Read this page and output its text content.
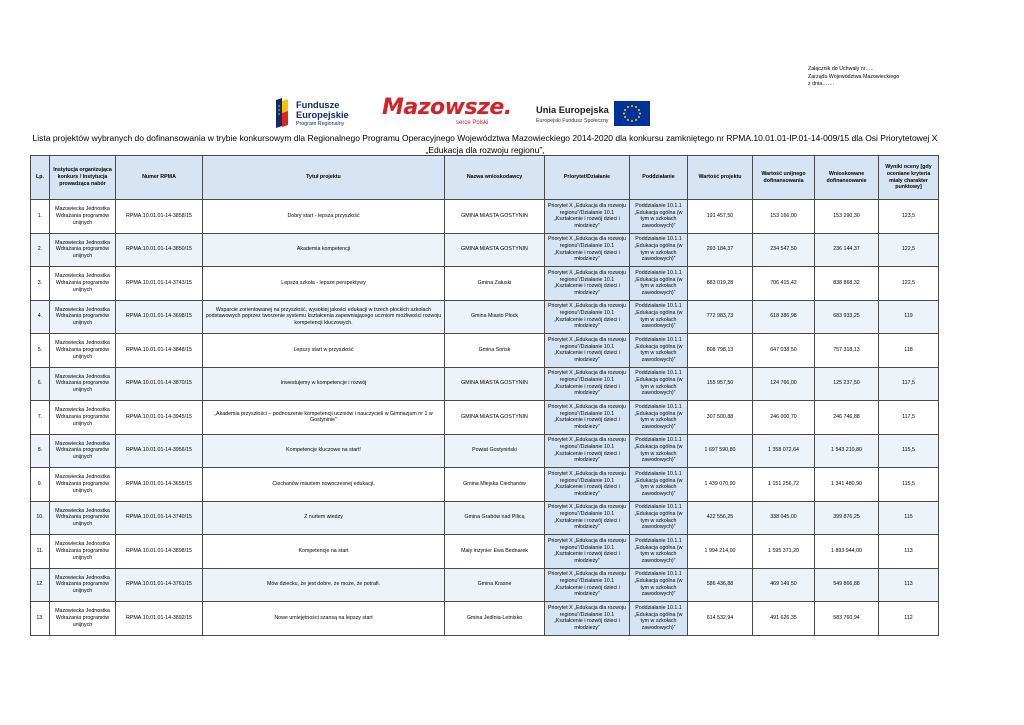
Załącznik do Uchwały nr…..
Zarządu Województwa Mazowieckiego
z dnia…….
Fundusze
Europejskie
Program Regionalny
Mazowsze.
serce Polski
Unia Europejska
Europejski Fundusz Społeczny
Lista projektów wybranych do dofinansowania w trybie konkursowym dla Regionalnego Programu Operacyjnego Województwa Mazowieckiego 2014-2020 dla konkursu zamkniętego nr RPMA.10.01.01-IP.01-14-009/15 dla Osi Priorytetowej X „Edukacja dla rozwoju regionu”,
Lp.	Instytucja organizująca konkurs / Instytucja prowadząca nabór	Numer RPMA	Tytuł projektu	Nazwa wnioskodawcy	Priorytet/Działanie	Poddziałanie	Wartość projektu	Wartość unijnego dofinansowania	Wnioskowane dofinansowanie	Wyniki oceny [gdy oceniane kryteria miały charakter punktowy]
1.	Mazowiecka Jednostka Wdrażania programów unijnych	RPMA.10.01.01-14-3858/15	Dobry start - lepsza przyszłość	GMINA MIASTA GOSTYNIN	Priorytet X „Edukacja dla rozwoju regionu”/Działanie 10.1 „Kształcenie i rozwój dzieci i młodzieży”	Poddziałanie 10.1.1 „Edukacja ogólna (w tym w szkołach zawodowych)”	191 457,50	153 166,00	153 290,30	123,5
2.	Mazowiecka Jednostka Wdrażania programów unijnych	RPMA.10.01.01-14-3850/15	Akademia kompetencji	GMINA MIASTA GOSTYNIN	Priorytet X „Edukacja dla rozwoju regionu”/Działanie 10.1 „Kształcenie i rozwój dzieci i młodzieży”	Poddziałanie 10.1.1 „Edukacja ogólna (w tym w szkołach zawodowych)”	293 184,37	234 547,50	236 144,37	122,5
3.	Mazowiecka Jednostka Wdrażania programów unijnych	RPMA.10.01.01-14-3743/15	Lepsza szkoła - lepsze perspektywy	Gmina Załuski	Priorytet X „Edukacja dla rozwoju regionu”/Działanie 10.1 „Kształcenie i rozwój dzieci i młodzieży”	Poddziałanie 10.1.1 „Edukacja ogólna (w tym w szkołach zawodowych)”	883 019,28	706 415,42	838 868,32	122,5
4.	Mazowiecka Jednostka Wdrażania programów unijnych	RPMA.10.01.01-14-3698/15	Wsparcie zorientowanej na przyszłość, wysokiej jakości edukacji w trzech płockich szkołach podstawowych poprzez tworzenie systemu kształcenia zapewniającego uczniom możliwości rozwoju kompetencji kluczowych.	Gmina Miasto Płock	Priorytet X „Edukacja dla rozwoju regionu”/Działanie 10.1 „Kształcenie i rozwój dzieci i młodzieży”	Poddziałanie 10.1.1 „Edukacja ogólna (w tym w szkołach zawodowych)”	772 983,73	618 386,98	683 933,25	119
5.	Mazowiecka Jednostka Wdrażania programów unijnych	RPMA.10.01.01-14-3848/15	Lepszy start w przyszłość	Gmina Sońsk	Priorytet X „Edukacja dla rozwoju regionu”/Działanie 10.1 „Kształcenie i rozwój dzieci i młodzieży”	Poddziałanie 10.1.1 „Edukacja ogólna (w tym w szkołach zawodowych)”	808 798,13	647 038,50	757 318,13	118
6.	Mazowiecka Jednostka Wdrażania programów unijnych	RPMA.10.01.01-14-3870/15	Inwestujemy w kompetencje i rozwój	GMINA MIASTA GOSTYNIN	Priorytet X „Edukacja dla rozwoju regionu”/Działanie 10.1 „Kształcenie i rozwój dzieci i młodzieży”	Poddziałanie 10.1.1 „Edukacja ogólna (w tym w szkołach zawodowych)”	155 957,50	124 766,00	125 237,50	117,5
7.	Mazowiecka Jednostka Wdrażania programów unijnych	RPMA.10.01.01-14-3945/15	„Akademia przyszłości – podnoszenie kompetencji uczniów i nauczycieli w Gimnazjum nr 1 w Gostyninie”	GMINA MIASTA GOSTYNIN	Priorytet X „Edukacja dla rozwoju regionu”/Działanie 10.1 „Kształcenie i rozwój dzieci i młodzieży”	Poddziałanie 10.1.1 „Edukacja ogólna (w tym w szkołach zawodowych)”	307 500,88	246 000,70	246 746,88	117,5
8.	Mazowiecka Jednostka Wdrażania programów unijnych	RPMA.10.01.01-14-3956/15	Kompetencje kluczowe na start!	Powiat Gostyniński	Priorytet X „Edukacja dla rozwoju regionu”/Działanie 10.1 „Kształcenie i rozwój dzieci i młodzieży”	Poddziałanie 10.1.1 „Edukacja ogólna (w tym w szkołach zawodowych)”	1 697 590,80	1 358 072,64	1 543 210,80	115,5
9.	Mazowiecka Jednostka Wdrażania programów unijnych	RPMA.10.01.01-14-3655/15	Ciechanów miastem nowoczesnej edukacji.	Gmina Miejska Ciechanów	Priorytet X „Edukacja dla rozwoju regionu”/Działanie 10.1 „Kształcenie i rozwój dzieci i młodzieży”	Poddziałanie 10.1.1 „Edukacja ogólna (w tym w szkołach zawodowych)”	1 439 070,90	1 151 256,72	1 341 480,90	115,5
10.	Mazowiecka Jednostka Wdrażania programów unijnych	RPMA.10.01.01-14-3740/15	Z nurtem wiedzy	Gmina Grabów nad Pilicą	Priorytet X „Edukacja dla rozwoju regionu”/Działanie 10.1 „Kształcenie i rozwój dzieci i młodzieży”	Poddziałanie 10.1.1 „Edukacja ogólna (w tym w szkołach zawodowych)”	422 556,25	338 045,00	399 876,25	115
11.	Mazowiecka Jednostka Wdrażania programów unijnych	RPMA.10.01.01-14-3898/15	Kompetencje na start	Mały inżynier Ewa Bednarek	Priorytet X „Edukacja dla rozwoju regionu”/Działanie 10.1 „Kształcenie i rozwój dzieci i młodzieży”	Poddziałanie 10.1.1 „Edukacja ogólna (w tym w szkołach zawodowych)”	1 994 214,00	1 595 371,20	1 893 944,00	113
12.	Mazowiecka Jednostka Wdrażania programów unijnych	RPMA.10.01.01-14-3761/15	Mów dziecku, że jest dobre, że może, że potrafi.	Gmina Krasne	Priorytet X „Edukacja dla rozwoju regionu”/Działanie 10.1 „Kształcenie i rozwój dzieci i młodzieży”	Poddziałanie 10.1.1 „Edukacja ogólna (w tym w szkołach zawodowych)”	586 436,88	469 149,50	549 866,88	113
13.	Mazowiecka Jednostka Wdrażania programów unijnych	RPMA.10.01.01-14-3892/15	Nowe umiejętności szansą na lepszy start	Gmina Jedlnia-Letnisko	Priorytet X „Edukacja dla rozwoju regionu”/Działanie 10.1 „Kształcenie i rozwój dzieci i młodzieży”	Poddziałanie 10.1.1 „Edukacja ogólna (w tym w szkołach zawodowych)”	614 532,94	491 626,35	583 760,94	112
